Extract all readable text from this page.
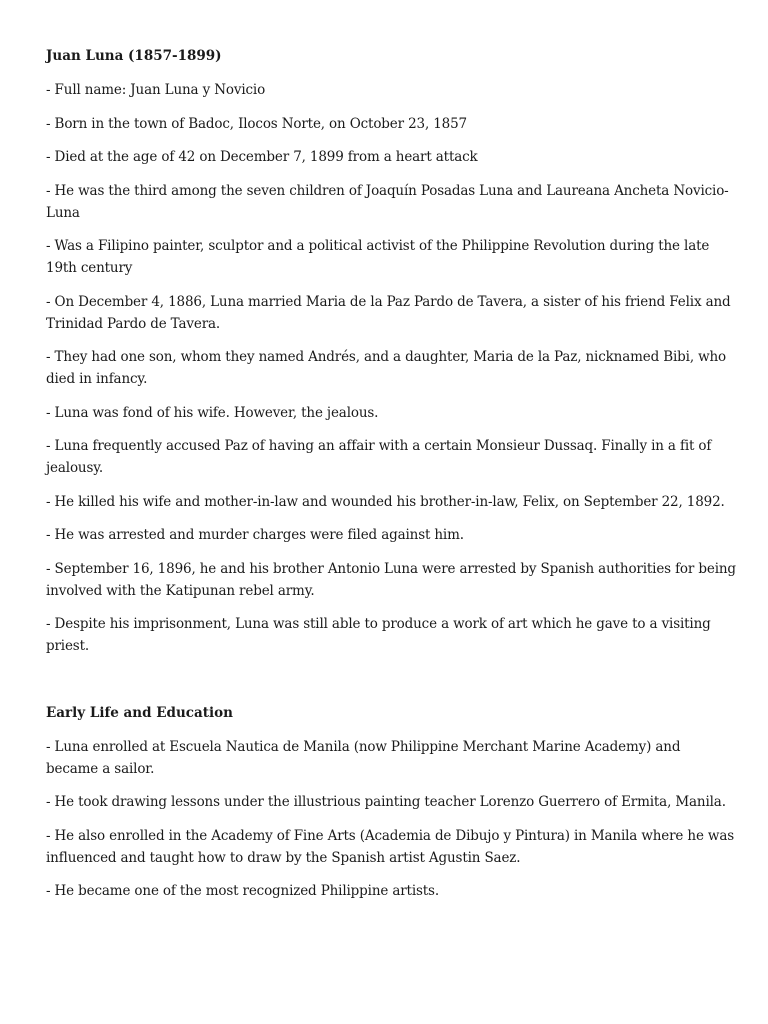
Juan Luna (1857-1899)
- Full name: Juan Luna y Novicio
- Born in the town of Badoc, Ilocos Norte, on October 23, 1857
- Died at the age of 42 on December 7, 1899 from a heart attack
- He was the third among the seven children of Joaquín Posadas Luna and Laureana Ancheta Novicio-Luna
- Was a Filipino painter, sculptor and a political activist of the Philippine Revolution during the late 19th century
- On December 4, 1886, Luna married Maria de la Paz Pardo de Tavera, a sister of his friend Felix and Trinidad Pardo de Tavera.
- They had one son, whom they named Andrés, and a daughter, Maria de la Paz, nicknamed Bibi, who died in infancy.
- Luna was fond of his wife. However, the jealous.
- Luna frequently accused Paz of having an affair with a certain Monsieur Dussaq. Finally in a fit of jealousy.
- He killed his wife and mother-in-law and wounded his brother-in-law, Felix, on September 22, 1892.
- He was arrested and murder charges were filed against him.
- September 16, 1896, he and his brother Antonio Luna were arrested by Spanish authorities for being involved with the Katipunan rebel army.
- Despite his imprisonment, Luna was still able to produce a work of art which he gave to a visiting priest.
Early Life and Education
- Luna enrolled at Escuela Nautica de Manila (now Philippine Merchant Marine Academy) and became a sailor.
- He took drawing lessons under the illustrious painting teacher Lorenzo Guerrero of Ermita, Manila.
- He also enrolled in the Academy of Fine Arts (Academia de Dibujo y Pintura) in Manila where he was influenced and taught how to draw by the Spanish artist Agustin Saez.
- He became one of the most recognized Philippine artists.
